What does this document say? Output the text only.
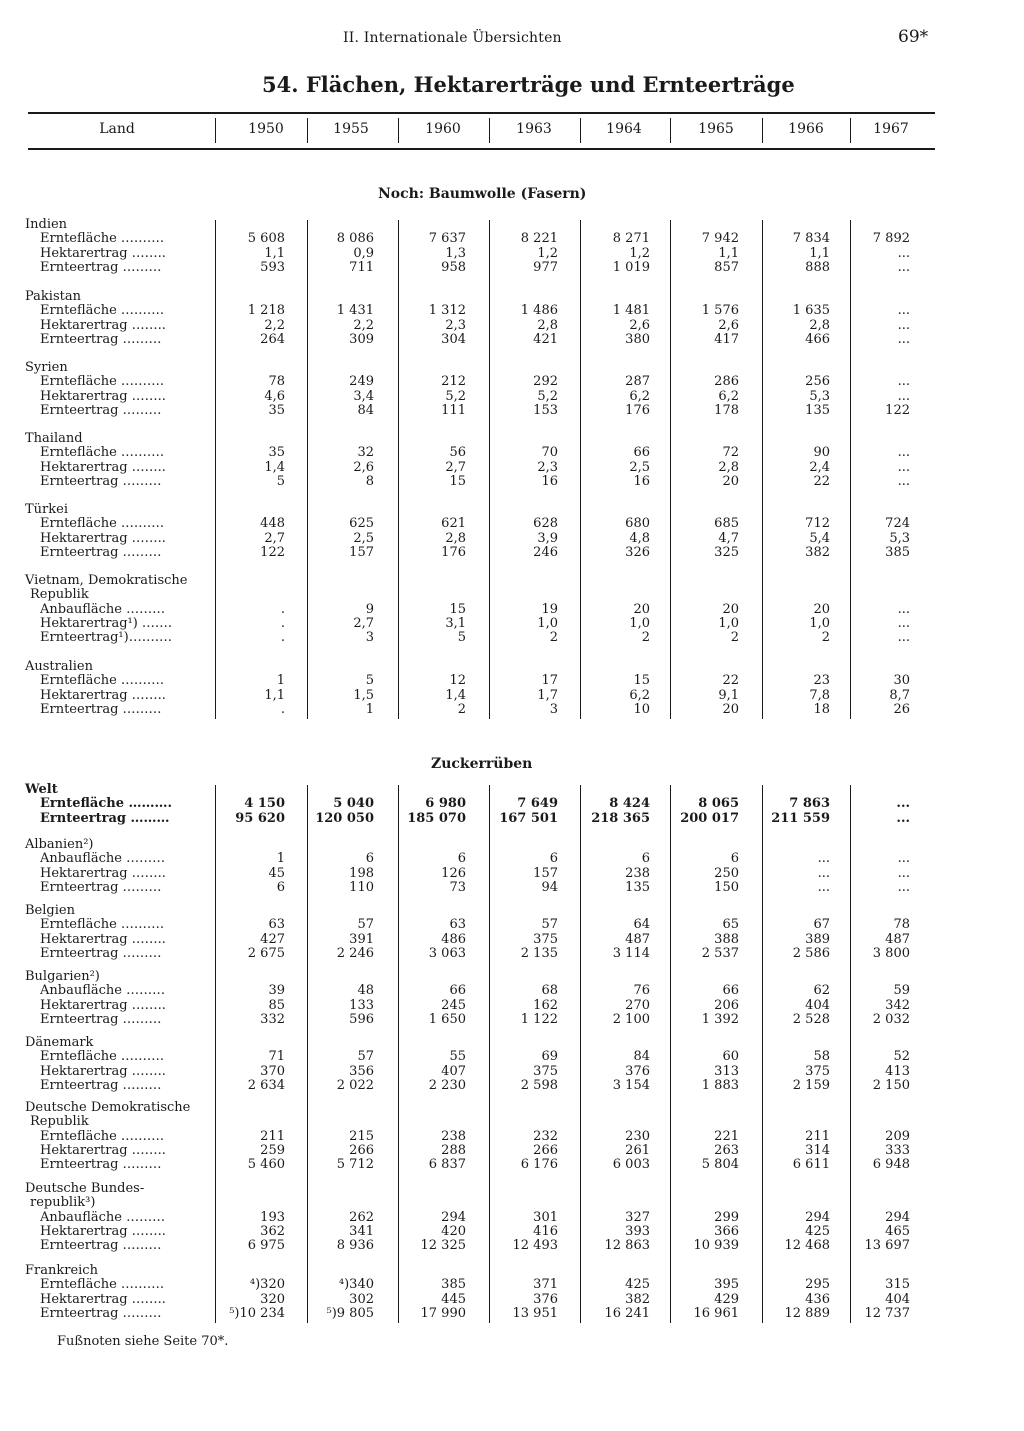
II. Internationale Übersichten	69*
54. Flächen, Hektarerträge und Ernteerträge
Land	1950	1955	1960	1963	1964	1965	1966	1967
Noch: Baumwolle (Fasern)
Indien
Erntefläche ……….	5 608	8 086	7 637	8 221	8 271	7 942	7 834	7 892
Hektarertrag ……..	1,1	0,9	1,3	1,2	1,2	1,1	1,1	...
Ernteertrag ………	593	711	958	977	1 019	857	888	...
Pakistan
Erntefläche ……….	1 218	1 431	1 312	1 486	1 481	1 576	1 635	...
Hektarertrag ……..	2,2	2,2	2,3	2,8	2,6	2,6	2,8	...
Ernteertrag ………	264	309	304	421	380	417	466	...
Syrien
Erntefläche ……….	78	249	212	292	287	286	256	...
Hektarertrag ……..	4,6	3,4	5,2	5,2	6,2	6,2	5,3	...
Ernteertrag ………	35	84	111	153	176	178	135	122
Thailand
Erntefläche ……….	35	32	56	70	66	72	90	...
Hektarertrag ……..	1,4	2,6	2,7	2,3	2,5	2,8	2,4	...
Ernteertrag ………	5	8	15	16	16	20	22	...
Türkei
Erntefläche ……….	448	625	621	628	680	685	712	724
Hektarertrag ……..	2,7	2,5	2,8	3,9	4,8	4,7	5,4	5,3
Ernteertrag ………	122	157	176	246	326	325	382	385
Vietnam, Demokratische
Republik
Anbaufläche ………	.	9	15	19	20	20	20	...
Hektarertrag¹) …….	.	2,7	3,1	1,0	1,0	1,0	1,0	...
Ernteertrag¹)……….	.	3	5	2	2	2	2	...
Australien
Erntefläche ……….	1	5	12	17	15	22	23	30
Hektarertrag ……..	1,1	1,5	1,4	1,7	6,2	9,1	7,8	8,7
Ernteertrag ………	.	1	2	3	10	20	18	26
Zuckerrüben
Welt
Erntefläche ……….	4 150	5 040	6 980	7 649	8 424	8 065	7 863	...
Ernteertrag ………	95 620	120 050	185 070	167 501	218 365	200 017	211 559	...
Albanien²)
Anbaufläche ………	1	6	6	6	6	6	...	...
Hektarertrag ……..	45	198	126	157	238	250	...	...
Ernteertrag ………	6	110	73	94	135	150	...	...
Belgien
Erntefläche ……….	63	57	63	57	64	65	67	78
Hektarertrag ……..	427	391	486	375	487	388	389	487
Ernteertrag ………	2 675	2 246	3 063	2 135	3 114	2 537	2 586	3 800
Bulgarien²)
Anbaufläche ………	39	48	66	68	76	66	62	59
Hektarertrag ……..	85	133	245	162	270	206	404	342
Ernteertrag ………	332	596	1 650	1 122	2 100	1 392	2 528	2 032
Dänemark
Erntefläche ……….	71	57	55	69	84	60	58	52
Hektarertrag ……..	370	356	407	375	376	313	375	413
Ernteertrag ………	2 634	2 022	2 230	2 598	3 154	1 883	2 159	2 150
Deutsche Demokratische
Republik
Erntefläche ……….	211	215	238	232	230	221	211	209
Hektarertrag ……..	259	266	288	266	261	263	314	333
Ernteertrag ………	5 460	5 712	6 837	6 176	6 003	5 804	6 611	6 948
Deutsche Bundes-
republik³)
Anbaufläche ………	193	262	294	301	327	299	294	294
Hektarertrag ……..	362	341	420	416	393	366	425	465
Ernteertrag ………	6 975	8 936	12 325	12 493	12 863	10 939	12 468	13 697
Frankreich
Erntefläche ……….	⁴)320	⁴)340	385	371	425	395	295	315
Hektarertrag ……..	320	302	445	376	382	429	436	404
Ernteertrag ………	⁵)10 234	⁵)9 805	17 990	13 951	16 241	16 961	12 889	12 737
Fußnoten siehe Seite 70*.
